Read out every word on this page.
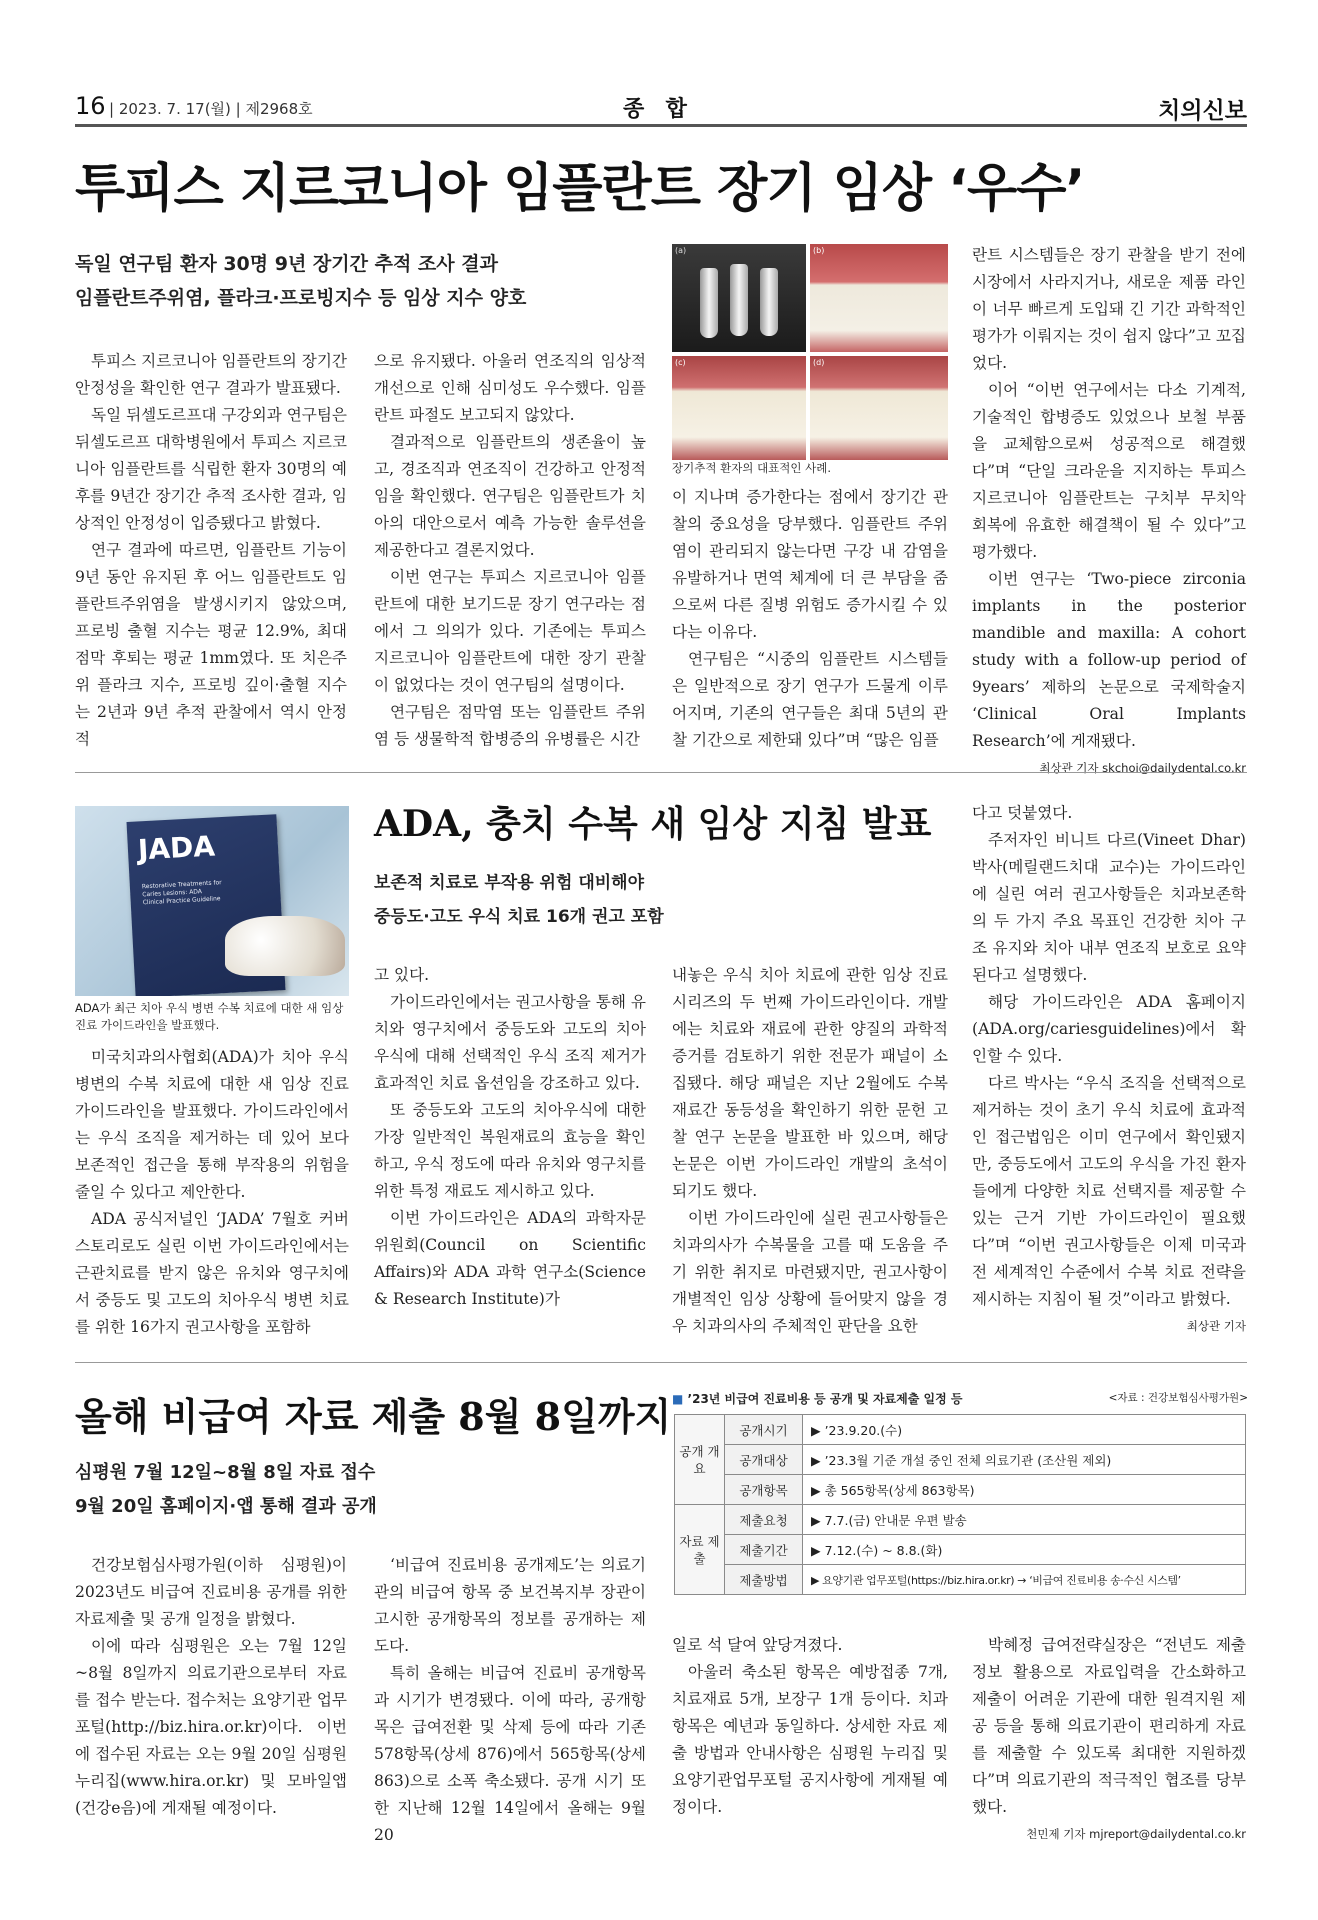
16 | 2023. 7. 17(월) | 제2968호	종  합	치의신보
투피스 지르코니아 임플란트 장기 임상 ‘우수’
독일 연구팀 환자 30명 9년 장기간 추적 조사 결과
임플란트주위염, 플라크·프로빙지수 등 임상 지수 양호
(a)	(b)
(c)	(d)
장기추적 환자의 대표적인 사례.

투피스 지르코니아 임플란트의 장기간 안정성을 확인한 연구 결과가 발표됐다.

독일 뒤셀도르프대 구강외과 연구팀은 뒤셀도르프 대학병원에서 투피스 지르코니아 임플란트를 식립한 환자 30명의 예후를 9년간 장기간 추적 조사한 결과, 임상적인 안정성이 입증됐다고 밝혔다.

연구 결과에 따르면, 임플란트 기능이 9년 동안 유지된 후 어느 임플란트도 임플란트주위염을 발생시키지 않았으며, 프로빙 출혈 지수는 평균 12.9%, 최대 점막 후퇴는 평균 1mm였다. 또 치은주위 플라크 지수, 프로빙 깊이·출혈 지수는 2년과 9년 추적 관찰에서 역시 안정적

으로 유지됐다. 아울러 연조직의 임상적 개선으로 인해 심미성도 우수했다. 임플란트 파절도 보고되지 않았다.

결과적으로 임플란트의 생존율이 높고, 경조직과 연조직이 건강하고 안정적임을 확인했다. 연구팀은 임플란트가 치아의 대안으로서 예측 가능한 솔루션을 제공한다고 결론지었다.

이번 연구는 투피스 지르코니아 임플란트에 대한 보기드문 장기 연구라는 점에서 그 의의가 있다. 기존에는 투피스 지르코니아 임플란트에 대한 장기 관찰이 없었다는 것이 연구팀의 설명이다.

연구팀은 점막염 또는 임플란트 주위염 등 생물학적 합병증의 유병률은 시간

이 지나며 증가한다는 점에서 장기간 관찰의 중요성을 당부했다. 임플란트 주위염이 관리되지 않는다면 구강 내 감염을 유발하거나 면역 체계에 더 큰 부담을 줌으로써 다른 질병 위험도 증가시킬 수 있다는 이유다.

연구팀은 “시중의 임플란트 시스템들은 일반적으로 장기 연구가 드물게 이루어지며, 기존의 연구들은 최대 5년의 관찰 기간으로 제한돼 있다”며 “많은 임플

란트 시스템들은 장기 관찰을 받기 전에 시장에서 사라지거나, 새로운 제품 라인이 너무 빠르게 도입돼 긴 기간 과학적인 평가가 이뤄지는 것이 쉽지 않다”고 꼬집었다.

이어 “이번 연구에서는 다소 기계적, 기술적인 합병증도 있었으나 보철 부품을 교체함으로써 성공적으로 해결했다”며 “단일 크라운을 지지하는 투피스 지르코니아 임플란트는 구치부 무치악 회복에 유효한 해결책이 될 수 있다”고 평가했다.

이번 연구는 ‘Two-piece zirconia implants in the posterior mandible and maxilla: A cohort study with a follow-up period of 9years’ 제하의 논문으로 국제학술지 ‘Clinical Oral Implants Research’에 게재됐다.

최상관 기자 skchoi@dailydental.co.kr

JADA
Restorative Treatments for Caries Lesions: ADA Clinical Practice Guideline
ADA가 최근 치아 우식 병변 수복 치료에 대한 새 임상 진료 가이드라인을 발표했다.
ADA, 충치 수복 새 임상 지침 발표
보존적 치료로 부작용 위험 대비해야
중등도·고도 우식 치료 16개 권고 포함

미국치과의사협회(ADA)가 치아 우식 병변의 수복 치료에 대한 새 임상 진료 가이드라인을 발표했다. 가이드라인에서는 우식 조직을 제거하는 데 있어 보다 보존적인 접근을 통해 부작용의 위험을 줄일 수 있다고 제안한다.

ADA 공식저널인 ‘JADA’ 7월호 커버스토리로도 실린 이번 가이드라인에서는 근관치료를 받지 않은 유치와 영구치에서 중등도 및 고도의 치아우식 병변 치료를 위한 16가지 권고사항을 포함하

고 있다.

가이드라인에서는 권고사항을 통해 유치와 영구치에서 중등도와 고도의 치아우식에 대해 선택적인 우식 조직 제거가 효과적인 치료 옵션임을 강조하고 있다.

또 중등도와 고도의 치아우식에 대한 가장 일반적인 복원재료의 효능을 확인하고, 우식 정도에 따라 유치와 영구치를 위한 특정 재료도 제시하고 있다.

이번 가이드라인은 ADA의 과학자문위원회(Council on Scientific Affairs)와 ADA 과학 연구소(Science & Research Institute)가

내놓은 우식 치아 치료에 관한 임상 진료 시리즈의 두 번째 가이드라인이다. 개발에는 치료와 재료에 관한 양질의 과학적 증거를 검토하기 위한 전문가 패널이 소집됐다. 해당 패널은 지난 2월에도 수복 재료간 동등성을 확인하기 위한 문헌 고찰 연구 논문을 발표한 바 있으며, 해당 논문은 이번 가이드라인 개발의 초석이 되기도 했다.

이번 가이드라인에 실린 권고사항들은 치과의사가 수복물을 고를 때 도움을 주기 위한 취지로 마련됐지만, 권고사항이 개별적인 임상 상황에 들어맞지 않을 경우 치과의사의 주체적인 판단을 요한

다고 덧붙였다.

주저자인 비니트 다르(Vineet Dhar) 박사(메릴랜드치대 교수)는 가이드라인에 실린 여러 권고사항들은 치과보존학의 두 가지 주요 목표인 건강한 치아 구조 유지와 치아 내부 연조직 보호로 요약된다고 설명했다.

해당 가이드라인은 ADA 홈페이지(ADA.org/cariesguidelines)에서 확인할 수 있다.

다르 박사는 “우식 조직을 선택적으로 제거하는 것이 초기 우식 치료에 효과적인 접근법임은 이미 연구에서 확인됐지만, 중등도에서 고도의 우식을 가진 환자들에게 다양한 치료 선택지를 제공할 수 있는 근거 기반 가이드라인이 필요했다”며 “이번 권고사항들은 이제 미국과 전 세계적인 수준에서 수복 치료 전략을 제시하는 지침이 될 것”이라고 밝혔다.

최상관 기자

올해 비급여 자료 제출 8월 8일까지
심평원 7월 12일~8월 8일 자료 접수
9월 20일 홈페이지·앱 통해 결과 공개
■ ’23년 비급여 진료비용 등 공개 및 자료제출 일정 등	<자료 : 건강보험심사평가원>
공개 개요	공개시기	▶ ’23.9.20.(수)
	공개대상	▶ ’23.3월 기준 개설 중인 전체 의료기관 (조산원 제외)
	공개항목	▶ 총 565항목(상세 863항목)
자료 제출	제출요청	▶ 7.7.(금) 안내문 우편 발송
	제출기간	▶ 7.12.(수) ~ 8.8.(화)
	제출방법	▶ 요양기관 업무포털(https://biz.hira.or.kr) → ‘비급여 진료비용 송·수신 시스템’

건강보험심사평가원(이하 심평원)이 2023년도 비급여 진료비용 공개를 위한 자료제출 및 공개 일정을 밝혔다.

이에 따라 심평원은 오는 7월 12일~8월 8일까지 의료기관으로부터 자료를 접수 받는다. 접수처는 요양기관 업무포털(http://biz.hira.or.kr)이다. 이번에 접수된 자료는 오는 9월 20일 심평원 누리집(www.hira.or.kr) 및 모바일앱(건강e음)에 게재될 예정이다.

‘비급여 진료비용 공개제도’는 의료기관의 비급여 항목 중 보건복지부 장관이 고시한 공개항목의 정보를 공개하는 제도다.

특히 올해는 비급여 진료비 공개항목과 시기가 변경됐다. 이에 따라, 공개항목은 급여전환 및 삭제 등에 따라 기존 578항목(상세 876)에서 565항목(상세 863)으로 소폭 축소됐다. 공개 시기 또한 지난해 12월 14일에서 올해는 9월 20

일로 석 달여 앞당겨졌다.

아울러 축소된 항목은 예방접종 7개, 치료재료 5개, 보장구 1개 등이다. 치과 항목은 예년과 동일하다. 상세한 자료 제출 방법과 안내사항은 심평원 누리집 및 요양기관업무포털 공지사항에 게재될 예정이다.

박혜정 급여전략실장은 “전년도 제출 정보 활용으로 자료입력을 간소화하고 제출이 어려운 기관에 대한 원격지원 제공 등을 통해 의료기관이 편리하게 자료를 제출할 수 있도록 최대한 지원하겠다”며 의료기관의 적극적인 협조를 당부했다.

천민제 기자 mjreport@dailydental.co.kr
